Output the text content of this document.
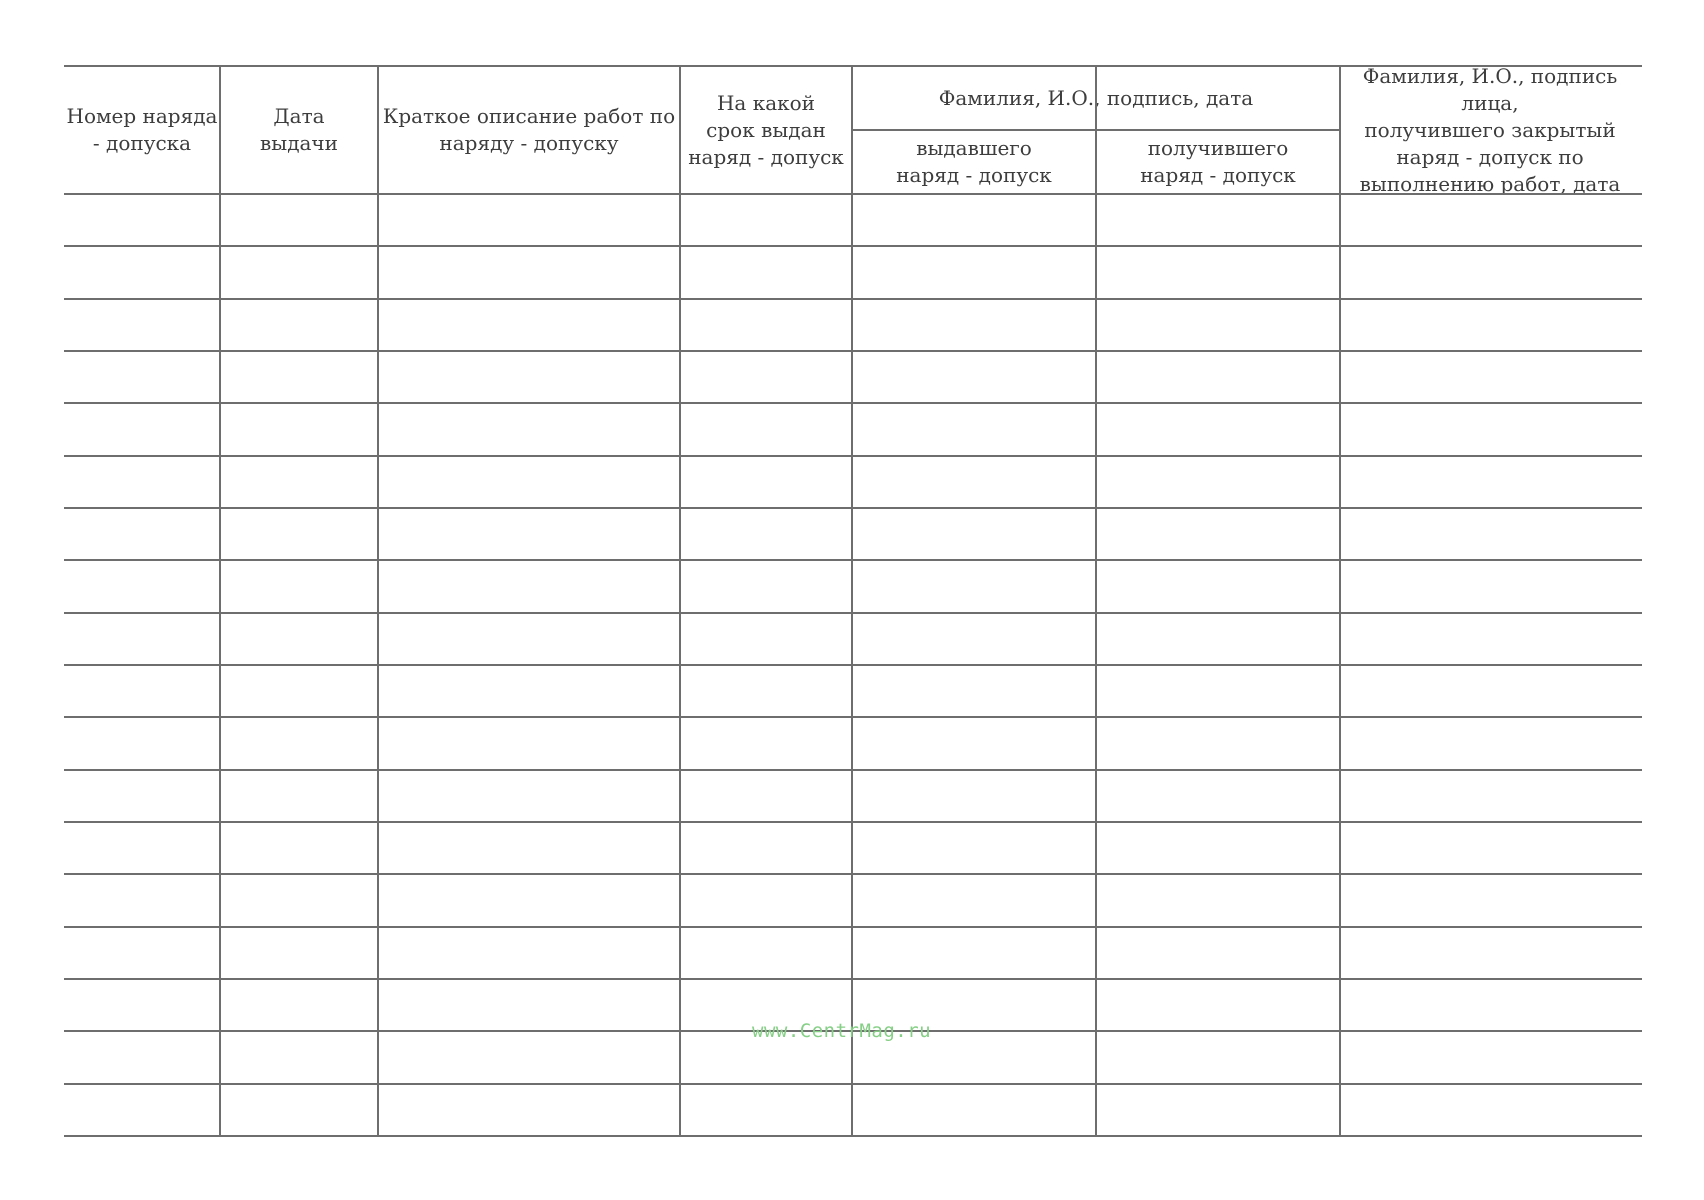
Номер наряда
- допуска
Дата
выдачи
Краткое описание работ по
наряду - допуску
На какой
срок выдан
наряд - допуск
Фамилия, И.О., подпись, дата
выдавшего
наряд - допуск
получившего
наряд - допуск
Фамилия, И.О., подпись лица,
получившего закрытый
наряд - допуск по
выполнению работ, дата
www.CentrMag.ru
